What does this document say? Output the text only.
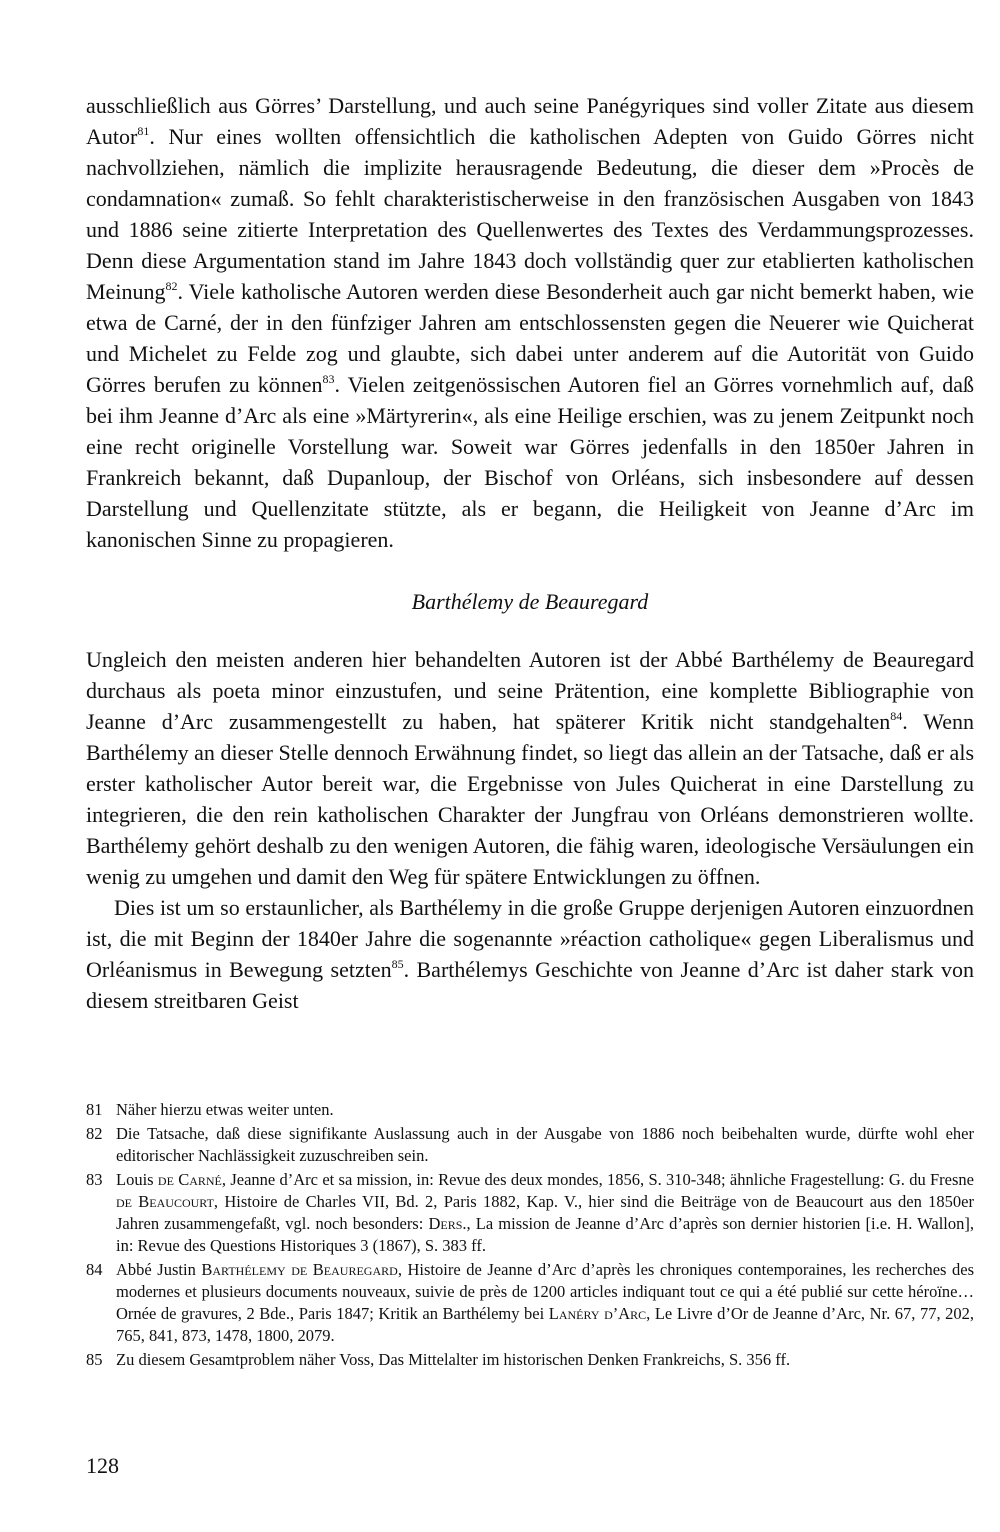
ausschließlich aus Görres’ Darstellung, und auch seine Panégyriques sind voller Zitate aus diesem Autor$^{81}$. Nur eines wollten offensichtlich die katholischen Adepten von Guido Görres nicht nachvollziehen, nämlich die implizite herausragende Bedeutung, die dieser dem »Procès de condamnation« zumaß. So fehlt charakteristischerweise in den französischen Ausgaben von 1843 und 1886 seine zitierte Interpretation des Quellenwertes des Textes des Verdammungsprozesses. Denn diese Argumentation stand im Jahre 1843 doch vollständig quer zur etablierten katholischen Meinung$^{82}$. Viele katholische Autoren werden diese Besonderheit auch gar nicht bemerkt haben, wie etwa de Carné, der in den fünfziger Jahren am entschlossensten gegen die Neuerer wie Quicherat und Michelet zu Felde zog und glaubte, sich dabei unter anderem auf die Autorität von Guido Görres berufen zu können$^{83}$. Vielen zeitgenössischen Autoren fiel an Görres vornehmlich auf, daß bei ihm Jeanne d’Arc als eine »Märtyrerin«, als eine Heilige erschien, was zu jenem Zeitpunkt noch eine recht originelle Vorstellung war. Soweit war Görres jedenfalls in den 1850er Jahren in Frankreich bekannt, daß Dupanloup, der Bischof von Orléans, sich insbesondere auf dessen Darstellung und Quellenzitate stützte, als er begann, die Heiligkeit von Jeanne d’Arc im kanonischen Sinne zu propagieren.

Barthélemy de Beauregard

Ungleich den meisten anderen hier behandelten Autoren ist der Abbé Barthélemy de Beauregard durchaus als poeta minor einzustufen, und seine Prätention, eine komplette Bibliographie von Jeanne d’Arc zusammengestellt zu haben, hat späterer Kritik nicht standgehalten$^{84}$. Wenn Barthélemy an dieser Stelle dennoch Erwähnung findet, so liegt das allein an der Tatsache, daß er als erster katholischer Autor bereit war, die Ergebnisse von Jules Quicherat in eine Darstellung zu integrieren, die den rein katholischen Charakter der Jungfrau von Orléans demonstrieren wollte. Barthélemy gehört deshalb zu den wenigen Autoren, die fähig waren, ideologische Versäulungen ein wenig zu umgehen und damit den Weg für spätere Entwicklungen zu öffnen.

Dies ist um so erstaunlicher, als Barthélemy in die große Gruppe derjenigen Autoren einzuordnen ist, die mit Beginn der 1840er Jahre die sogenannte »réaction catholique« gegen Liberalismus und Orléanismus in Bewegung setzten$^{85}$. Barthélemys Geschichte von Jeanne d’Arc ist daher stark von diesem streitbaren Geist

81 Näher hierzu etwas weiter unten.
82 Die Tatsache, daß diese signifikante Auslassung auch in der Ausgabe von 1886 noch beibehalten wurde, dürfte wohl eher editorischer Nachlässigkeit zuzuschreiben sein.
83 Louis de Carné, Jeanne d’Arc et sa mission, in: Revue des deux mondes, 1856, S. 310-348; ähnliche Fragestellung: G. du Fresne de Beaucourt, Histoire de Charles VII, Bd. 2, Paris 1882, Kap. V., hier sind die Beiträge von de Beaucourt aus den 1850er Jahren zusammengefaßt, vgl. noch besonders: Ders., La mission de Jeanne d’Arc d’après son dernier historien [i.e. H. Wallon], in: Revue des Questions Historiques 3 (1867), S. 383 ff.
84 Abbé Justin Barthélemy de Beauregard, Histoire de Jeanne d’Arc d’après les chroniques contemporaines, les recherches des modernes et plusieurs documents nouveaux, suivie de près de 1200 articles indiquant tout ce qui a été publié sur cette héroïne… Ornée de gravures, 2 Bde., Paris 1847; Kritik an Barthélemy bei Lanéry d’Arc, Le Livre d’Or de Jeanne d’Arc, Nr. 67, 77, 202, 765, 841, 873, 1478, 1800, 2079.
85 Zu diesem Gesamtproblem näher Voss, Das Mittelalter im historischen Denken Frankreichs, S. 356 ff.
128
